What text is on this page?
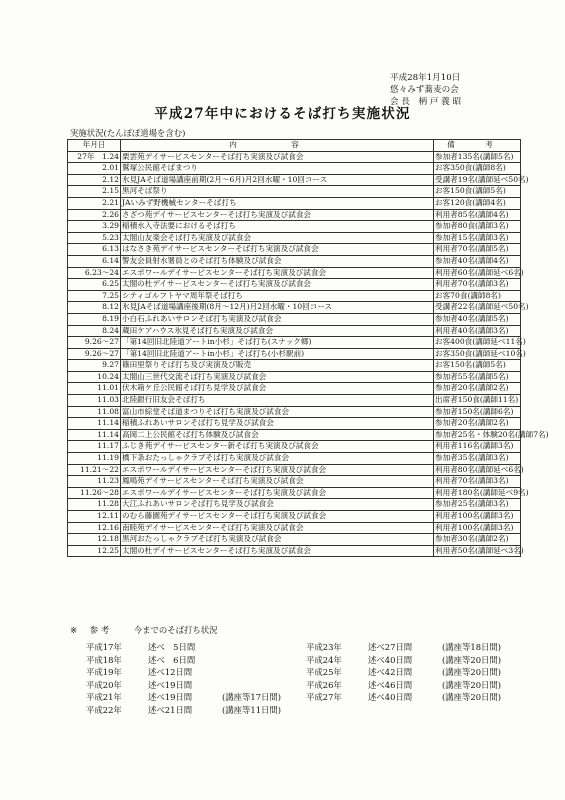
平成28年1月10日
悠々みず蕎麦の会
会 長　柄 戸 義 昭
平成27年中におけるそば打ち実施状況
実施状況(たんぽぽ道場を含む)
年月日	内 容	備 考
27年　1.24	栗雲苑デイサービスセンターそば打ち実演及び試食会	参加者135名(講師5名)
2.01	鷲塚公民館そばまつり	お客350食(講師8名)
2.12	氷見JAそば道場講座前期(2月～6月)月2回水曜・10回コース	受講者19名(講師延べ50名)
2.15	黒河そば祭り	お客150食(講師5名)
2.21	JAいみず野機械センターそば打ち	お客120食(講師4名)
2.26	さざつ苑デイサービスセンターそば打ち実演及び試食会	利用者85名(講師4名)
3.29	稲積水入寺法要におけるそば打ち	参加者80食(講師3名)
5.23	太閤山友楽会そば打ち実演及び試食会	参加者15名(講師3名)
6.13	はなさき苑デイサービスセンターそば打ち実演及び試食会	利用者70名(講師5名)
6.14	警友会員射水署員とのそば打ち体験及び試食会	参加者40名(講師4名)
6.23～24	エスポワールデイサービスセンターそば打ち実演及び試食会	利用者60名(講師延べ6名)
6.25	太閤の杜デイサービスセンターそば打ち実演及び試食会	利用者70名(講師3名)
7.25	シティゴルフトヤマ周年祭そば打ち	お客70食(講師8名)
8.12	氷見JAそば道場講座後期(8月～12月)月2回水曜・10回コース	受講者22名(講師延べ50名)
8.19	小白石ふれあいサロンそば打ち実演及び試食会	参加者40名(講師5名)
8.24	蔵田ケアハウス氷見そば打ち実演及び試食会	利用者40名(講師3名)
9.26～27	「第14回旧北陸道アートin小杉」そば打ち(スナック郷)	お客400食(講師延べ11名)
9.26～27	「第14回旧北陸道アートin小杉」そば打ち(小杉駅前)	お客350食(講師延べ10名)
9.27	篠田里祭りそば打ち及び実演及び販売	お客150名(講師5名)
10.24	太閤山三世代交流そば打ち実演及び試食会	参加者55名(講師5名)
11.01	伏木箱ケ丘公民館そば打ち見学及び試食会	参加者20名(講師2名)
11.03	北陸銀行旧友会そば打ち	出席者150食(講師11名)
11.08	富山市綜堂そば道まつりそば打ち実演及び試食会	参加者150名(講師6名)
11.14	稲積ふれあいサロンそば打ち見学及び試食会	参加者20名(講師2名)
11.14	高岡二上公民館そば打ち体験及び試食会	参加者25名・体験20名(講師7名)
11.17	ふじき苑デイサービスセンター新そば打ち実演及び試食会	利用者116名(講師3名)
11.19	橋下条おたっしゃクラブそば打ち実演及び試食会	参加者35名(講師3名)
11.21～22	エスポワールデイサービスセンターそば打ち実演及び試食会	利用者80名(講師延べ6名)
11.23	鳳鳴苑デイサービスセンターそば打ち実演及び試食会	利用者70名(講師3名)
11.26～28	エスポワールデイサービスセンターそば打ち実演及び試食会	利用者180名(講師延べ9名)
11.28	大江ふれあいサロンそば打ち見学及び試食会	参加者25名(講師3名)
12.11	のむら藤園苑デイサービスセンターそば打ち実演及び試食会	利用者100名(講師3名)
12.16	南睦苑デイサービスセンターそば打ち実演及び試食会	利用者100名(講師3名)
12.18	黒河おたっしゃクラブそば打ち実演及び試食会	参加者30名(講師2名)
12.25	太閤の杜デイサービスセンターそば打ち実演及び試食会	利用者50名(講師延べ3名)
※ 参 考	今までのそば打ち状況
平成17年	述べ　5日間
平成18年	述べ　6日間
平成19年	述べ12日間
平成20年	述べ19日間
平成21年	述べ19日間	(講座等17日間)
平成22年	述べ21日間	(講座等11日間)
平成23年	述べ27日間	(講座等18日間)
平成24年	述べ40日間	(講座等20日間)
平成25年	述べ42日間	(講座等20日間)
平成26年	述べ46日間	(講座等20日間)
平成27年	述べ40日間	(講座等20日間)
